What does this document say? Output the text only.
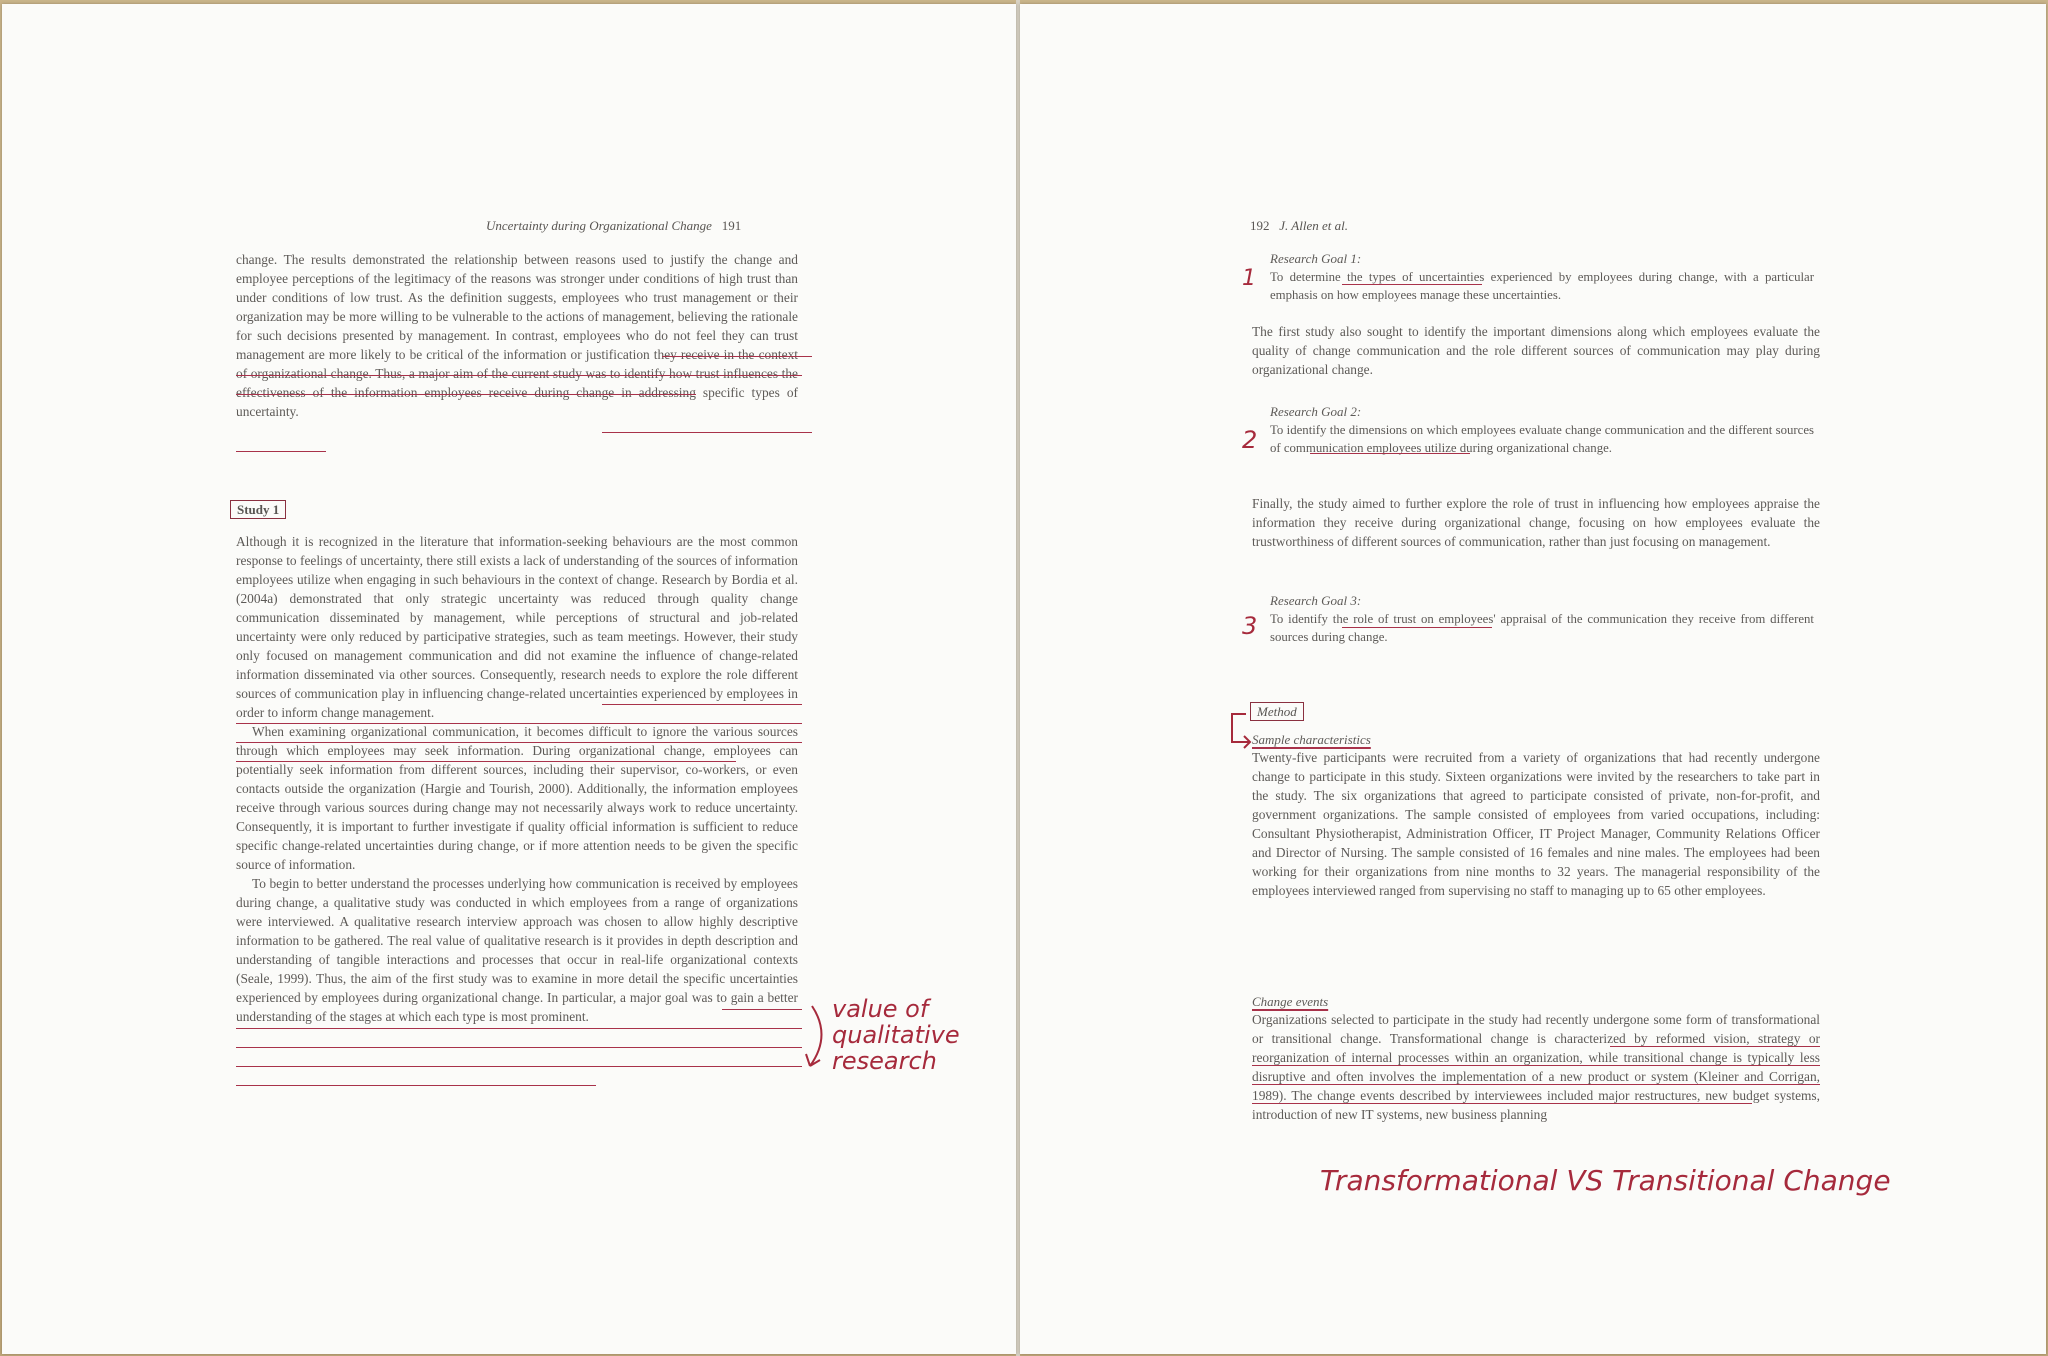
Uncertainty during Organizational Change 191

change. The results demonstrated the relationship between reasons used to justify the change and employee perceptions of the legitimacy of the reasons was stronger under conditions of high trust than under conditions of low trust. As the definition suggests, employees who trust management or their organization may be more willing to be vulnerable to the actions of management, believing the rationale for such decisions presented by management. In contrast, employees who do not feel they can trust management are more likely to be critical of the information or justification they receive in the context of organizational change. Thus, a major aim of the current study was to identify how trust influences the effectiveness of the information employees receive during change in addressing specific types of uncertainty.

Study 1

Although it is recognized in the literature that information-seeking behaviours are the most common response to feelings of uncertainty, there still exists a lack of understanding of the sources of information employees utilize when engaging in such behaviours in the context of change. Research by Bordia et al. (2004a) demonstrated that only strategic uncertainty was reduced through quality change communication disseminated by management, while perceptions of structural and job-related uncertainty were only reduced by participative strategies, such as team meetings. However, their study only focused on management communication and did not examine the influence of change-related information disseminated via other sources. Consequently, research needs to explore the role different sources of communication play in influencing change-related uncertainties experienced by employees in order to inform change management.

When examining organizational communication, it becomes difficult to ignore the various sources through which employees may seek information. During organizational change, employees can potentially seek information from different sources, including their supervisor, co-workers, or even contacts outside the organization (Hargie and Tourish, 2000). Additionally, the information employees receive through various sources during change may not necessarily always work to reduce uncertainty. Consequently, it is important to further investigate if quality official information is sufficient to reduce specific change-related uncertainties during change, or if more attention needs to be given the specific source of information.

To begin to better understand the processes underlying how communication is received by employees during change, a qualitative study was conducted in which employees from a range of organizations were interviewed. A qualitative research interview approach was chosen to allow highly descriptive information to be gathered. The real value of qualitative research is it provides in depth description and understanding of tangible interactions and processes that occur in real-life organizational contexts (Seale, 1999). Thus, the aim of the first study was to examine in more detail the specific uncertainties experienced by employees during organizational change. In particular, a major goal was to gain a better understanding of the stages at which each type is most prominent.	value of
qualitative
research
192 J. Allen et al.
1

Research Goal 1:

To determine the types of uncertainties experienced by employees during change, with a particular emphasis on how employees manage these uncertainties.

The first study also sought to identify the important dimensions along which employees evaluate the quality of change communication and the role different sources of communication may play during organizational change.

2

Research Goal 2:

To identify the dimensions on which employees evaluate change communication and the different sources of communication employees utilize during organizational change.

Finally, the study aimed to further explore the role of trust in influencing how employees appraise the information they receive during organizational change, focusing on how employees evaluate the trustworthiness of different sources of communication, rather than just focusing on management.

3

Research Goal 3:

To identify the role of trust on employees' appraisal of the communication they receive from different sources during change.

Method
Sample characteristics

Twenty-five participants were recruited from a variety of organizations that had recently undergone change to participate in this study. Sixteen organizations were invited by the researchers to take part in the study. The six organizations that agreed to participate consisted of private, non-for-profit, and government organizations. The sample consisted of employees from varied occupations, including: Consultant Physiotherapist, Administration Officer, IT Project Manager, Community Relations Officer and Director of Nursing. The sample consisted of 16 females and nine males. The employees had been working for their organizations from nine months to 32 years. The managerial responsibility of the employees interviewed ranged from supervising no staff to managing up to 65 other employees.

Change events

Organizations selected to participate in the study had recently undergone some form of transformational or transitional change. Transformational change is characterized by reformed vision, strategy or reorganization of internal processes within an organization, while transitional change is typically less disruptive and often involves the implementation of a new product or system (Kleiner and Corrigan, 1989). The change events described by interviewees included major restructures, new budget systems, introduction of new IT systems, new business planning

Transformational VS Transitional Change
